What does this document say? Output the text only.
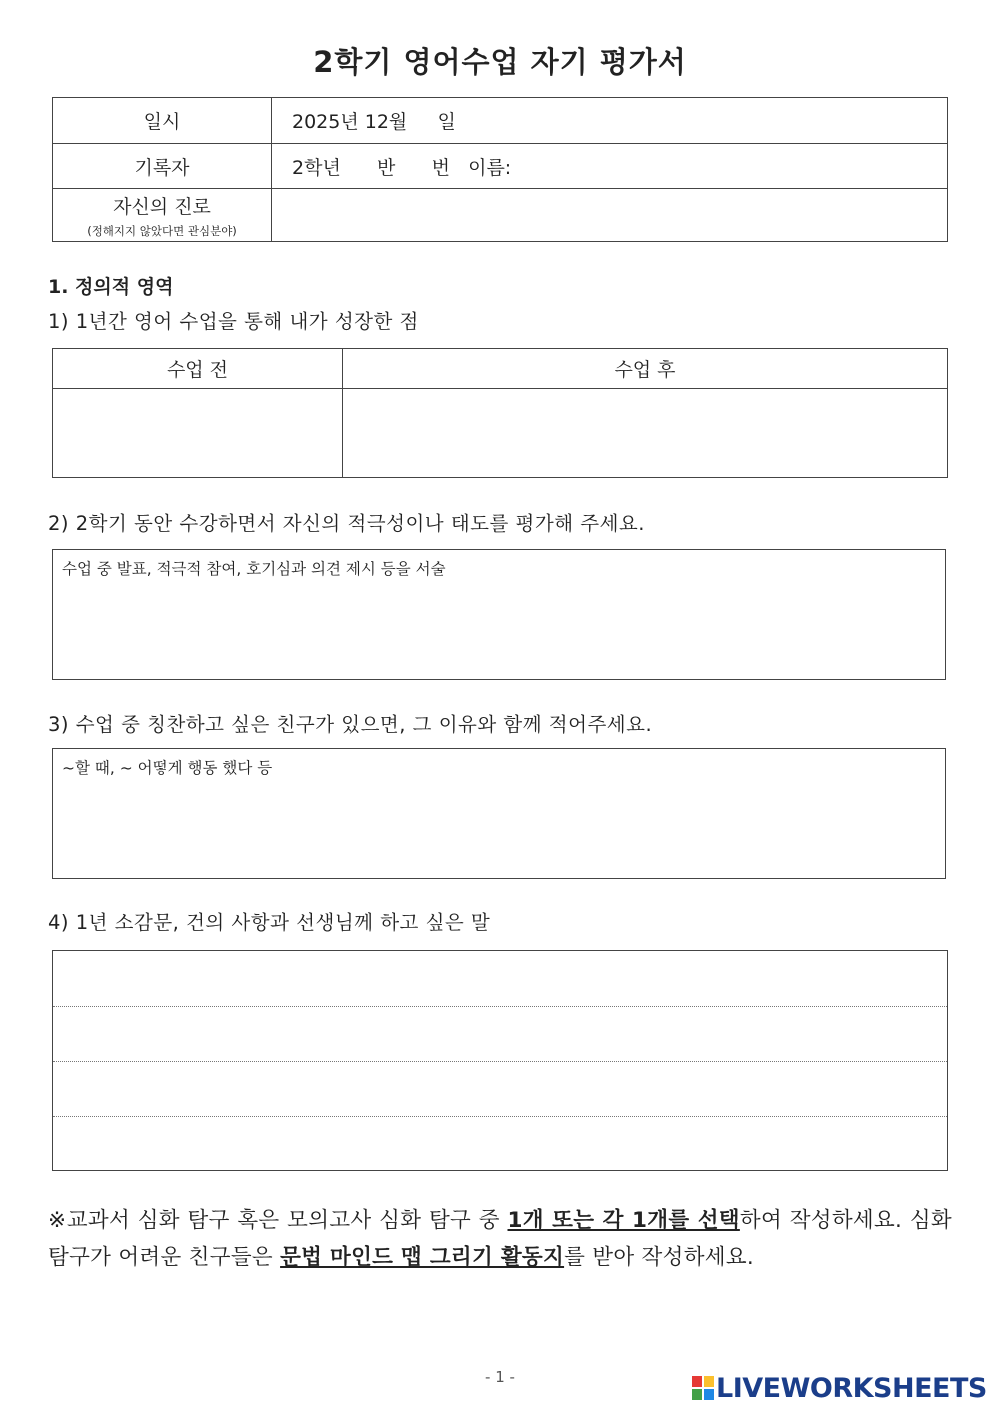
2학기 영어수업 자기 평가서
일시	2025년 12월     일
기록자	2학년      반      번   이름:
자신의 진로
(정해지지 않았다면 관심분야)	

1. 정의적 영역
1) 1년간 영어 수업을 통해 내가 성장한 점
수업 전	수업 후

2) 2학기 동안 수강하면서 자신의 적극성이나 태도를 평가해 주세요.
수업 중 발표, 적극적 참여, 호기심과 의견 제시 등을 서술
3) 수업 중 칭찬하고 싶은 친구가 있으면, 그 이유와 함께 적어주세요.
~할 때, ~ 어떻게 행동 했다 등
4) 1년 소감문, 건의 사항과 선생님께 하고 싶은 말
※교과서 심화 탐구 혹은 모의고사 심화 탐구 중 1개 또는 각 1개를 선택하여 작성하세요. 심화 탐구가 어려운 친구들은 문법 마인드 맵 그리기 활동지를 받아 작성하세요.
- 1 -	LIVEWORKSHEETS
